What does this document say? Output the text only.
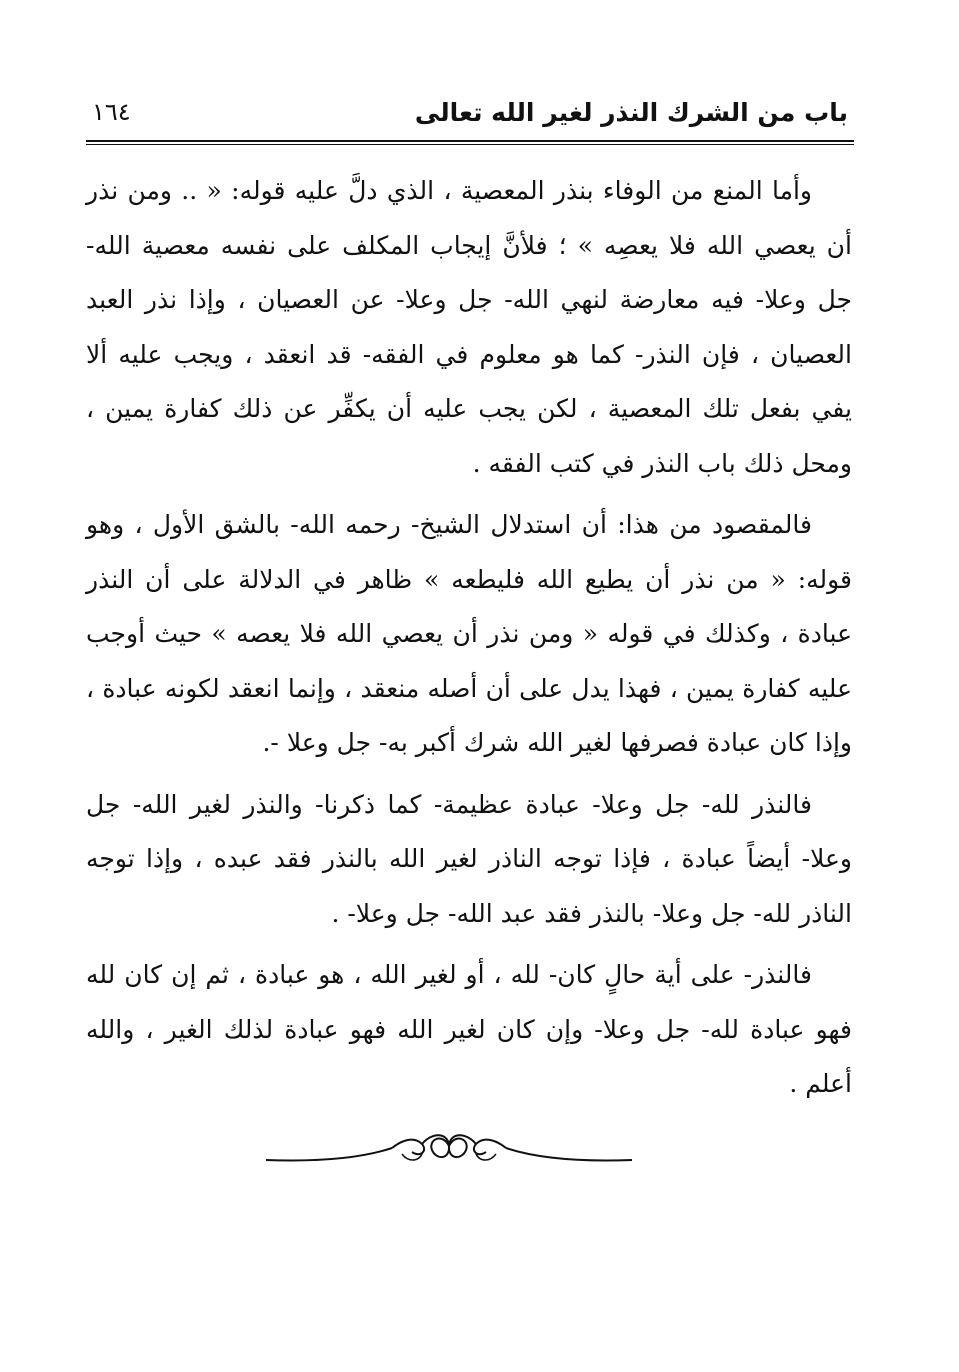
باب من الشرك النذر لغير الله تعالى
١٦٤

وأما المنع من الوفاء بنذر المعصية ، الذي دلَّ عليه قوله: « .. ومن نذر أن يعصي الله فلا يعصِه » ؛ فلأنَّ إيجاب المكلف على نفسه معصية الله- جل وعلا- فيه معارضة لنهي الله- جل وعلا- عن العصيان ، وإذا نذر العبد العصيان ، فإن النذر- كما هو معلوم في الفقه- قد انعقد ، ويجب عليه ألا يفي بفعل تلك المعصية ، لكن يجب عليه أن يكفِّر عن ذلك كفارة يمين ، ومحل ذلك باب النذر في كتب الفقه .

فالمقصود من هذا: أن استدلال الشيخ- رحمه الله- بالشق الأول ، وهو قوله: « من نذر أن يطيع الله فليطعه » ظاهر في الدلالة على أن النذر عبادة ، وكذلك في قوله « ومن نذر أن يعصي الله فلا يعصه » حيث أوجب عليه كفارة يمين ، فهذا يدل على أن أصله منعقد ، وإنما انعقد لكونه عبادة ، وإذا كان عبادة فصرفها لغير الله شرك أكبر به- جل وعلا -.

فالنذر لله- جل وعلا- عبادة عظيمة- كما ذكرنا- والنذر لغير الله- جل وعلا- أيضاً عبادة ، فإذا توجه الناذر لغير الله بالنذر فقد عبده ، وإذا توجه الناذر لله- جل وعلا- بالنذر فقد عبد الله- جل وعلا- .

فالنذر- على أية حالٍ كان- لله ، أو لغير الله ، هو عبادة ، ثم إن كان لله فهو عبادة لله- جل وعلا- وإن كان لغير الله فهو عبادة لذلك الغير ، والله أعلم .
